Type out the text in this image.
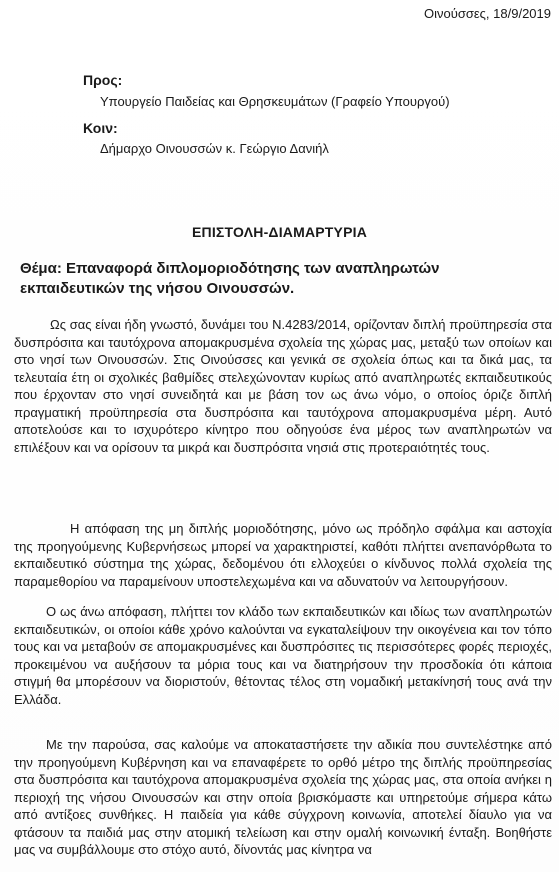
Οινούσσες, 18/9/2019
Προς:
Υπουργείο Παιδείας και Θρησκευμάτων (Γραφείο Υπουργού)
Κοιν:
Δήμαρχο Οινουσσών κ. Γεώργιο Δανιήλ
ΕΠΙΣΤΟΛΗ-ΔΙΑΜΑΡΤΥΡΙΑ
Θέμα: Επαναφορά διπλομοριοδότησης των αναπληρωτών εκπαιδευτικών της νήσου Οινουσσών.
Ως σας είναι ήδη γνωστό, δυνάμει του Ν.4283/2014, ορίζονταν διπλή προϋπηρεσία στα δυσπρόσιτα και ταυτόχρονα απομακρυσμένα σχολεία της χώρας μας, μεταξύ των οποίων και στο νησί των Οινουσσών. Στις Οινούσσες και γενικά σε σχολεία όπως και τα δικά μας, τα τελευταία έτη οι σχολικές βαθμίδες στελεχώνονταν κυρίως από αναπληρωτές εκπαιδευτικούς που έρχονταν στο νησί συνειδητά και με βάση τον ως άνω νόμο, ο οποίος όριζε διπλή πραγματική προϋπηρεσία στα δυσπρόσιτα και ταυτόχρονα απομακρυσμένα μέρη. Αυτό αποτελούσε και το ισχυρότερο κίνητρο που οδηγούσε ένα μέρος των αναπληρωτών να επιλέξουν και να ορίσουν τα μικρά και δυσπρόσιτα νησιά στις προτεραιότητές τους.
Η απόφαση της μη διπλής μοριοδότησης, μόνο ως πρόδηλο σφάλμα και αστοχία της προηγούμενης Κυβερνήσεως μπορεί να χαρακτηριστεί, καθότι πλήττει ανεπανόρθωτα το εκπαιδευτικό σύστημα της χώρας, δεδομένου ότι ελλοχεύει ο κίνδυνος πολλά σχολεία της παραμεθορίου να παραμείνουν υποστελεχωμένα και να αδυνατούν να λειτουργήσουν.
Ο ως άνω απόφαση, πλήττει τον κλάδο των εκπαιδευτικών και ιδίως των αναπληρωτών εκπαιδευτικών, οι οποίοι κάθε χρόνο καλούνται να εγκαταλείψουν την οικογένεια και τον τόπο τους και να μεταβούν σε απομακρυσμένες και δυσπρόσιτες τις περισσότερες φορές περιοχές, προκειμένου να αυξήσουν τα μόρια τους και να διατηρήσουν την προσδοκία ότι κάποια στιγμή θα μπορέσουν να διοριστούν, θέτοντας τέλος στη νομαδική μετακίνησή τους ανά την Ελλάδα.
Με την παρούσα, σας καλούμε να αποκαταστήσετε την αδικία που συντελέστηκε από την προηγούμενη Κυβέρνηση και να επαναφέρετε το ορθό μέτρο της διπλής προϋπηρεσίας στα δυσπρόσιτα και ταυτόχρονα απομακρυσμένα σχολεία της χώρας μας, στα οποία ανήκει η περιοχή της νήσου Οινουσσών και στην οποία βρισκόμαστε και υπηρετούμε σήμερα κάτω από αντίξοες συνθήκες. Η παιδεία για κάθε σύγχρονη κοινωνία, αποτελεί δίαυλο για να φτάσουν τα παιδιά μας στην ατομική τελείωση και στην ομαλή κοινωνική ένταξη. Βοηθήστε μας να συμβάλλουμε στο στόχο αυτό, δίνοντάς μας κίνητρα να
